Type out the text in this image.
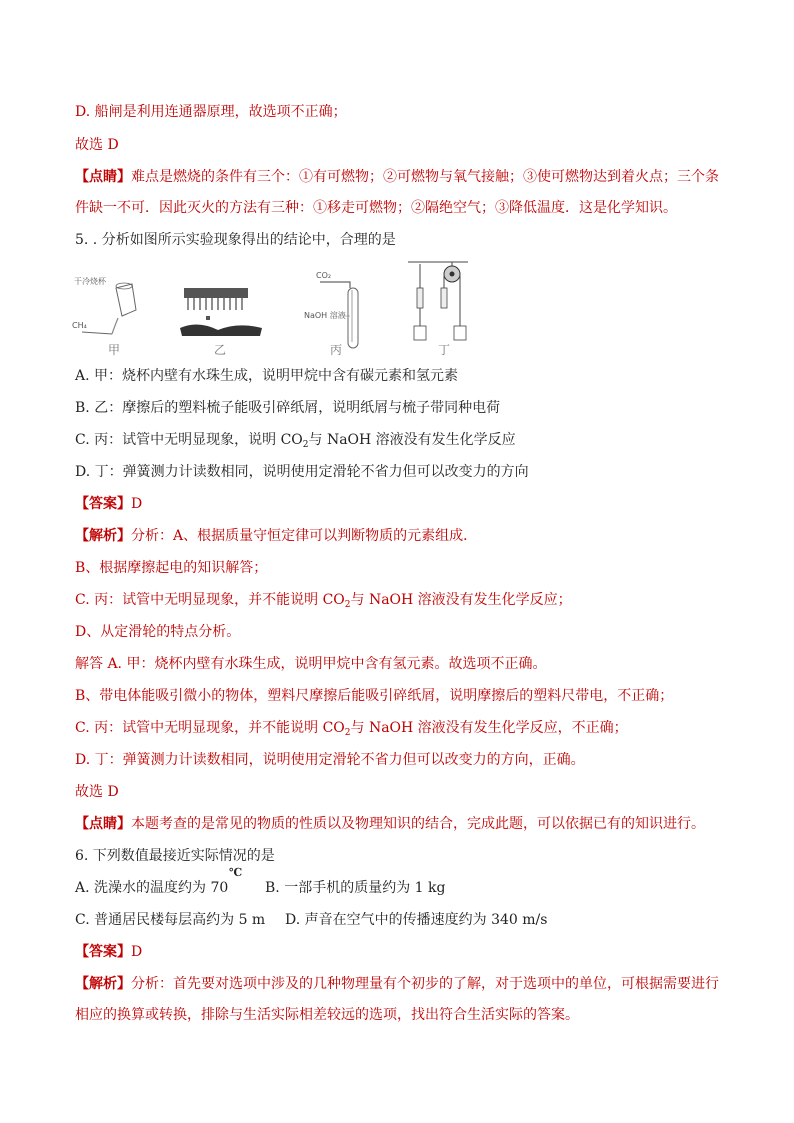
D. 船闸是利用连通器原理，故选项不正确；
故选 D
【点睛】难点是燃烧的条件有三个：①有可燃物；②可燃物与氧气接触；③使可燃物达到着火点；三个条
件缺一不可．因此灭火的方法有三种：①移走可燃物；②隔绝空气；③降低温度．这是化学知识。
5. . 分析如图所示实验现象得出的结论中，合理的是
干冷烧杯
CH₄
甲	乙
CO₂
NaOH 溶液
丙	丁
A. 甲：烧杯内壁有水珠生成，说明甲烷中含有碳元素和氢元素
B. 乙：摩擦后的塑料梳子能吸引碎纸屑，说明纸屑与梳子带同种电荷
C. 丙：试管中无明显现象，说明 $CO_2$与 NaOH 溶液没有发生化学反应
D. 丁：弹簧测力计读数相同，说明使用定滑轮不省力但可以改变力的方向
【答案】D
【解析】分析：A、根据质量守恒定律可以判断物质的元素组成．
B、根据摩擦起电的知识解答；
C. 丙：试管中无明显现象，并不能说明 $CO_2$与 NaOH 溶液没有发生化学反应；
D、从定滑轮的特点分析。
解答 A. 甲：烧杯内壁有水珠生成，说明甲烷中含有氢元素。故选项不正确。
B、带电体能吸引微小的物体，塑料尺摩擦后能吸引碎纸屑，说明摩擦后的塑料尺带电，不正确；
C. 丙：试管中无明显现象，并不能说明 $CO_2$与 NaOH 溶液没有发生化学反应，不正确；
D. 丁：弹簧测力计读数相同，说明使用定滑轮不省力但可以改变力的方向，正确。
故选 D
【点睛】本题考查的是常见的物质的性质以及物理知识的结合，完成此题，可以依据已有的知识进行。
6. 下列数值最接近实际情况的是
A. 洗澡水的温度约为 70
℃
B. 一部手机的质量约为 1 kg
C. 普通居民楼每层高约为 5 m D. 声音在空气中的传播速度约为 340 m/s
【答案】D
【解析】分析：首先要对选项中涉及的几种物理量有个初步的了解，对于选项中的单位，可根据需要进行
相应的换算或转换，排除与生活实际相差较远的选项，找出符合生活实际的答案。
